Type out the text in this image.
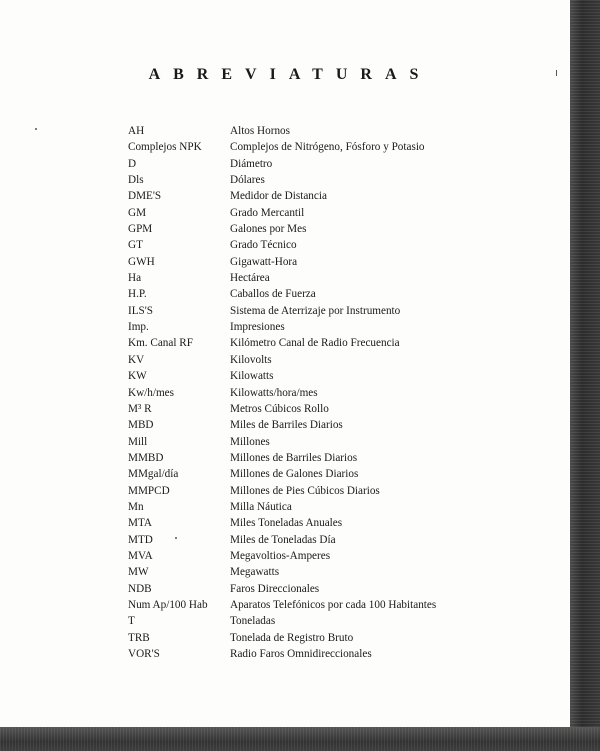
ABREVIATURAS
AH	Altos Hornos
Complejos NPK	Complejos de Nitrógeno, Fósforo y Potasio
D	Diámetro
Dls	Dólares
DME'S	Medidor de Distancia
GM	Grado Mercantil
GPM	Galones por Mes
GT	Grado Técnico
GWH	Gigawatt-Hora
Ha	Hectárea
H.P.	Caballos de Fuerza
ILS'S	Sistema de Aterrizaje por Instrumento
Imp.	Impresiones
Km. Canal RF	Kilómetro Canal de Radio Frecuencia
KV	Kilovolts
KW	Kilowatts
Kw/h/mes	Kilowatts/hora/mes
M³ R	Metros Cúbicos Rollo
MBD	Miles de Barriles Diarios
Mill	Millones
MMBD	Millones de Barriles Diarios
MMgal/día	Millones de Galones Diarios
MMPCD	Millones de Pies Cúbicos Diarios
Mn	Milla Náutica
MTA	Miles Toneladas Anuales
MTD	Miles de Toneladas Día
MVA	Megavoltios-Amperes
MW	Megawatts
NDB	Faros Direccionales
Num Ap/100 Hab	Aparatos Telefónicos por cada 100 Habitantes
T	Toneladas
TRB	Tonelada de Registro Bruto
VOR'S	Radio Faros Omnidireccionales
